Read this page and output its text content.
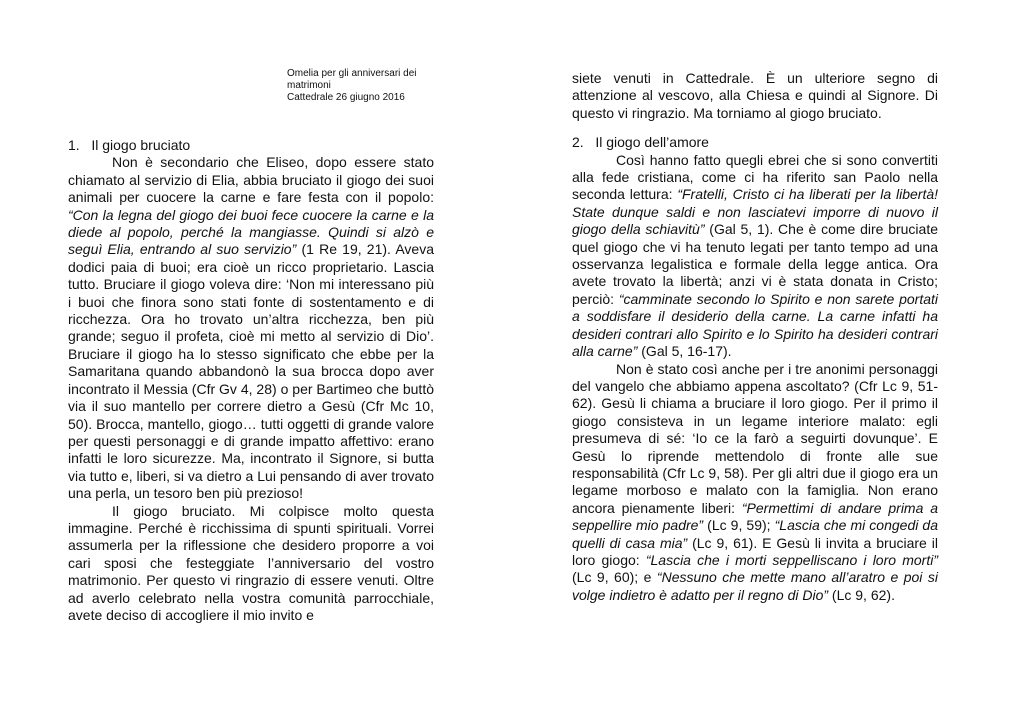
Omelia per gli anniversari dei matrimoni
Cattedrale 26 giugno 2016
1.   Il giogo bruciato

Non è secondario che Eliseo, dopo essere stato chiamato al servizio di Elia, abbia bruciato il giogo dei suoi animali per cuocere la carne e fare festa con il popolo: “Con la legna del giogo dei buoi fece cuocere la carne e la diede al popolo, perché la mangiasse. Quindi si alzò e seguì Elia, entrando al suo servizio” (1 Re 19, 21). Aveva dodici paia di buoi; era cioè un ricco proprietario. Lascia tutto. Bruciare il giogo voleva dire: ‘Non mi interessano più i buoi che finora sono stati fonte di sostentamento e di ricchezza. Ora ho trovato un’altra ricchezza, ben più grande; seguo il profeta, cioè mi metto al servizio di Dio’. Bruciare il giogo ha lo stesso significato che ebbe per la Samaritana quando abbandonò la sua brocca dopo aver incontrato il Messia (Cfr Gv 4, 28) o per Bartimeo che buttò via il suo mantello per correre dietro a Gesù (Cfr Mc 10, 50). Brocca, mantello, giogo… tutti oggetti di grande valore per questi personaggi e di grande impatto affettivo: erano infatti le loro sicurezze. Ma, incontrato il Signore, si butta via tutto e, liberi, si va dietro a Lui pensando di aver trovato una perla, un tesoro ben più prezioso!

Il giogo bruciato. Mi colpisce molto questa immagine. Perché è ricchissima di spunti spirituali. Vorrei assumerla per la riflessione che desidero proporre a voi cari sposi che festeggiate l’anniversario del vostro matrimonio. Per questo vi ringrazio di essere venuti. Oltre ad averlo celebrato nella vostra comunità parrocchiale, avete deciso di accogliere il mio invito e

siete venuti in Cattedrale. È un ulteriore segno di attenzione al vescovo, alla Chiesa e quindi al Signore. Di questo vi ringrazio. Ma torniamo al giogo bruciato.

2.   Il giogo dell’amore

Così hanno fatto quegli ebrei che si sono convertiti alla fede cristiana, come ci ha riferito san Paolo nella seconda lettura: “Fratelli, Cristo ci ha liberati per la libertà! State dunque saldi e non lasciatevi imporre di nuovo il giogo della schiavitù” (Gal 5, 1). Che è come dire bruciate quel giogo che vi ha tenuto legati per tanto tempo ad una osservanza legalistica e formale della legge antica. Ora avete trovato la libertà; anzi vi è stata donata in Cristo; perciò: “camminate secondo lo Spirito e non sarete portati a soddisfare il desiderio della carne. La carne infatti ha desideri contrari allo Spirito e lo Spirito ha desideri contrari alla carne” (Gal 5, 16-17).

Non è stato così anche per i tre anonimi personaggi del vangelo che abbiamo appena ascoltato? (Cfr Lc 9, 51-62). Gesù li chiama a bruciare il loro giogo. Per il primo il giogo consisteva in un legame interiore malato: egli presumeva di sé: ‘Io ce la farò a seguirti dovunque’. E Gesù lo riprende mettendolo di fronte alle sue responsabilità (Cfr Lc 9, 58). Per gli altri due il giogo era un legame morboso e malato con la famiglia. Non erano ancora pienamente liberi: “Permettimi di andare prima a seppellire mio padre” (Lc 9, 59); “Lascia che mi congedi da quelli di casa mia” (Lc 9, 61). E Gesù li invita a bruciare il loro giogo: “Lascia che i morti seppelliscano i loro morti” (Lc 9, 60); e “Nessuno che mette mano all’aratro e poi si volge indietro è adatto per il regno di Dio” (Lc 9, 62).
